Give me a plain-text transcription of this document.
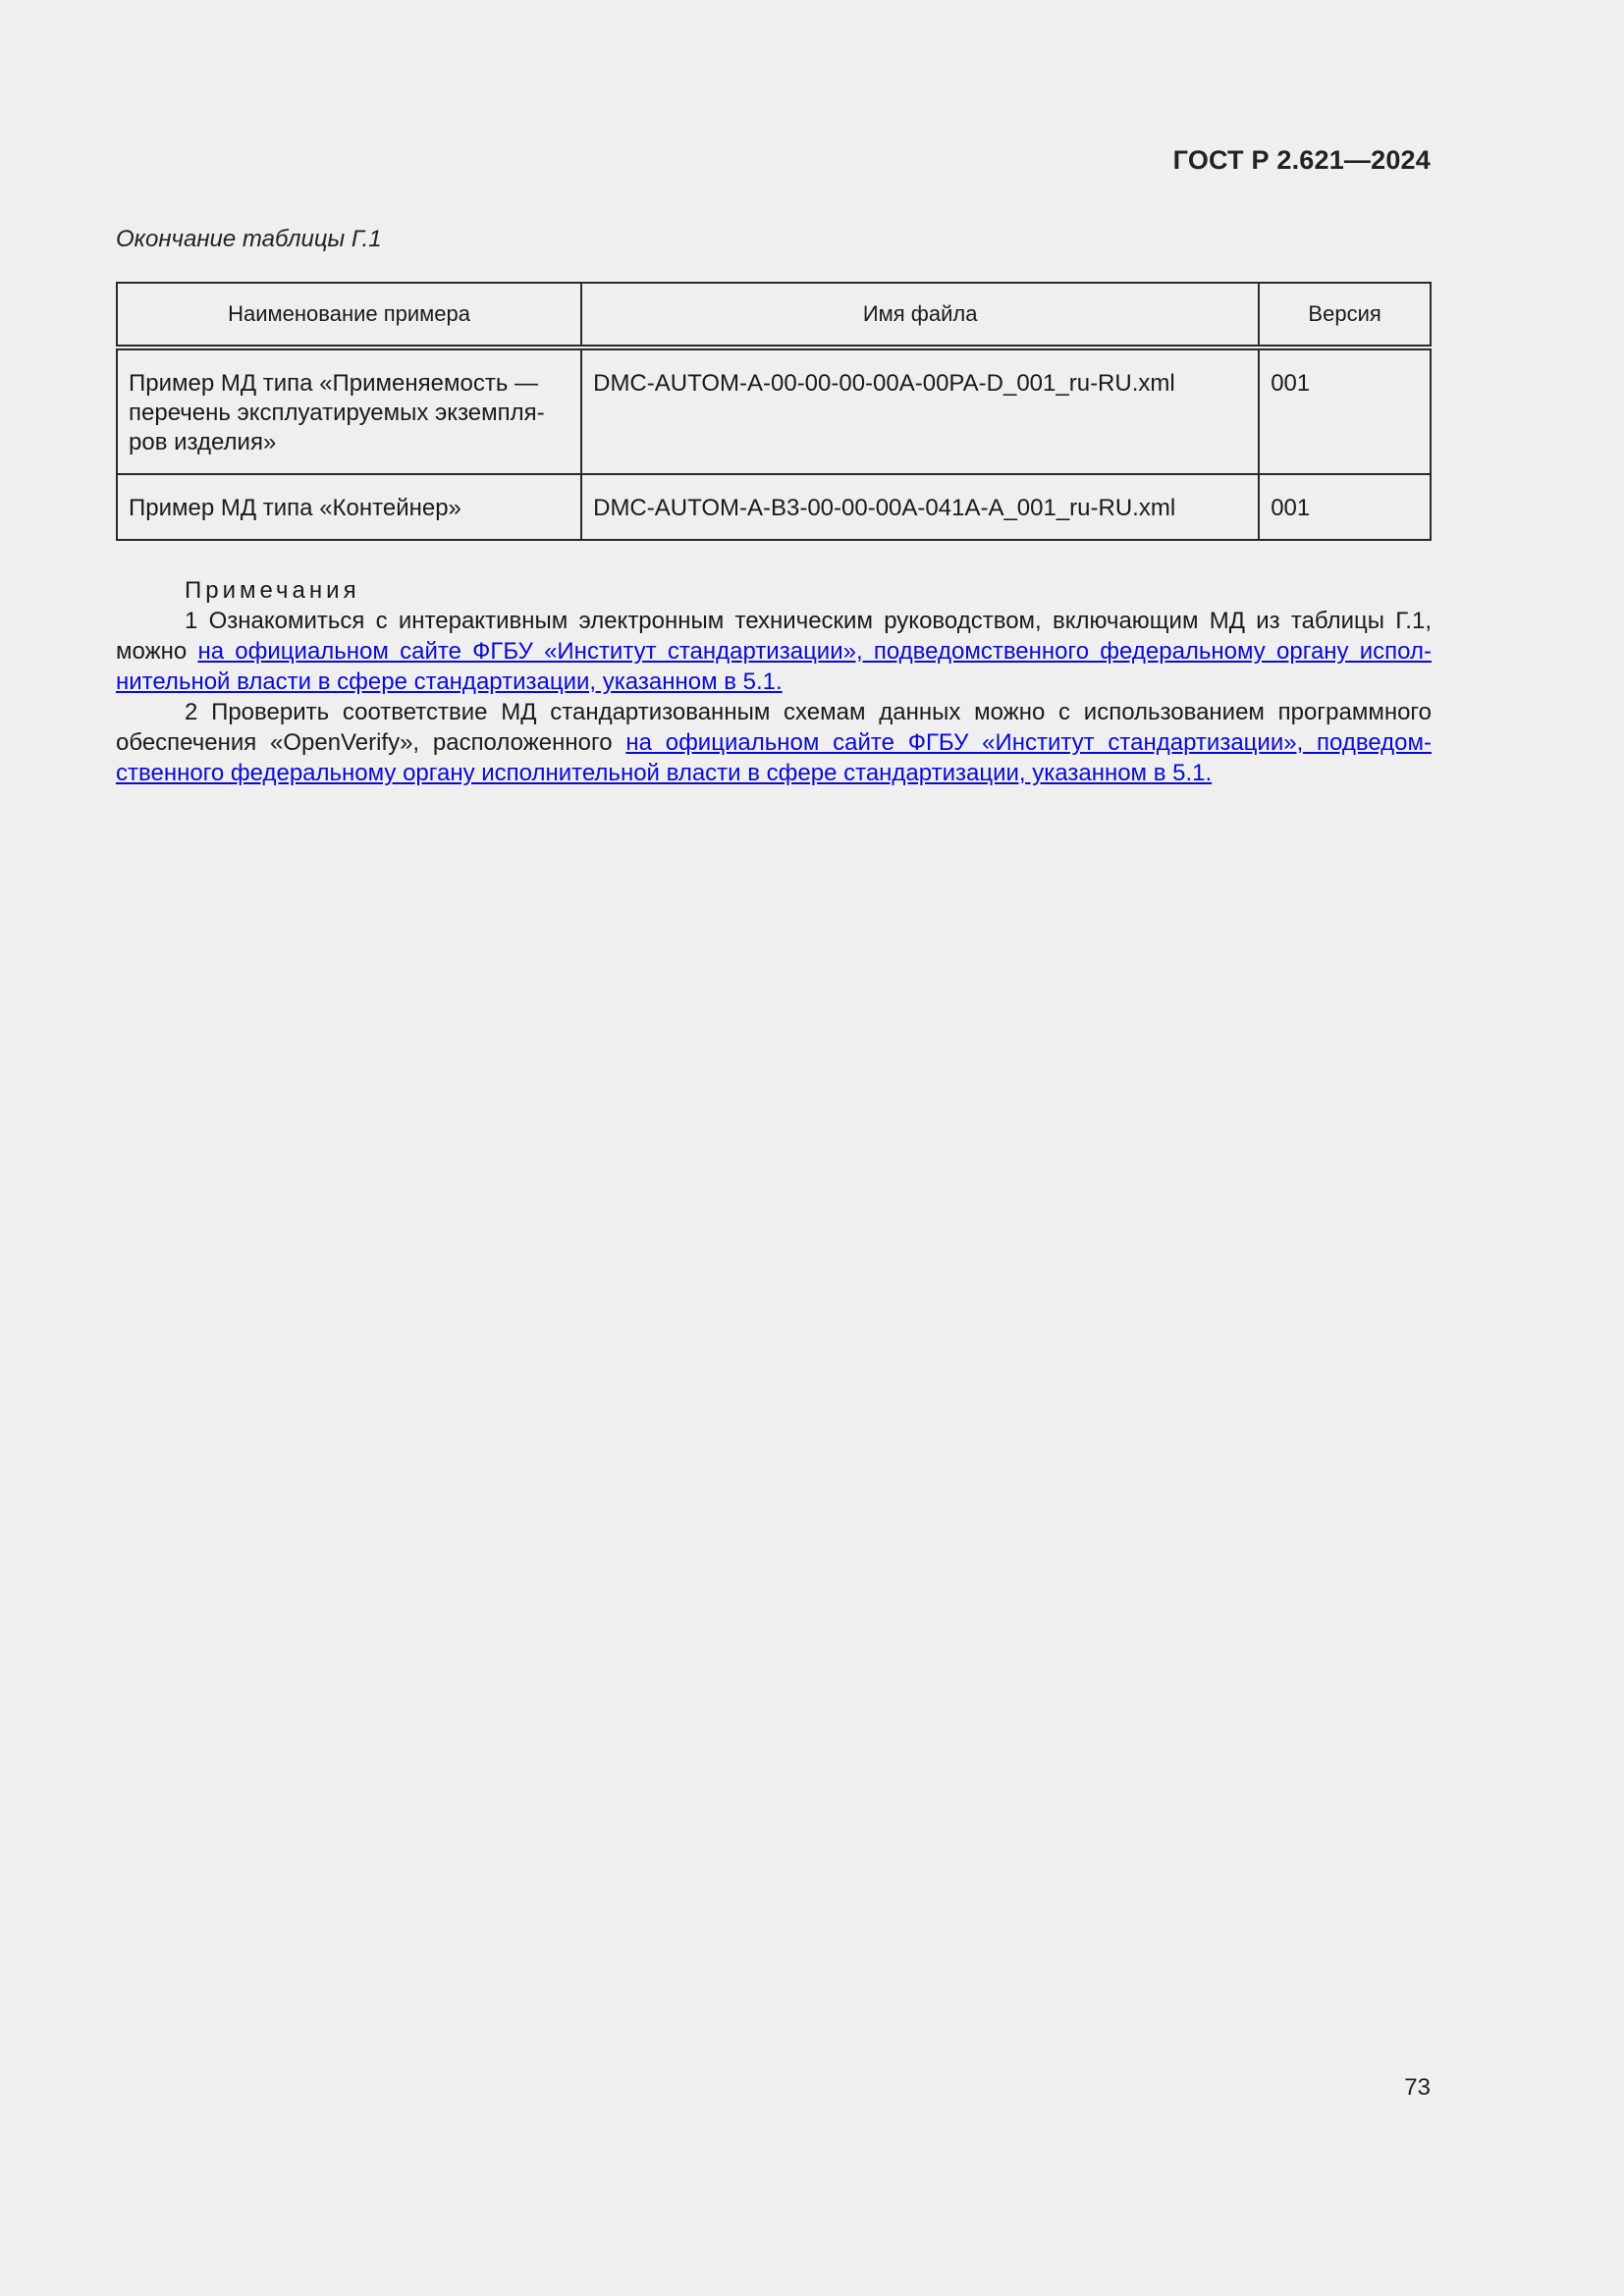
ГОСТ Р 2.621—2024
Окончание таблицы Г.1
Наименование примера	Имя файла	Версия
Пример МД типа «Применяемость — перечень эксплуатируемых экземпляров изделия»	DMC-AUTOM-A-00-00-00-00A-00PA-D_001_ru-RU.xml	001
Пример МД типа «Контейнер»	DMC-AUTOM-A-B3-00-00-00A-041A-A_001_ru-RU.xml	001
Примечания

1 Ознакомиться с интерактивным электронным техническим руководством, включающим МД из таблицы Г.1, можно на официальном сайте ФГБУ «Институт стандартизации», подведомственного федеральному органу исполнительной власти в сфере стандартизации, указанном в 5.1.

2 Проверить соответствие МД стандартизованным схемам данных можно с использованием программного обеспечения «OpenVerify», расположенного на официальном сайте ФГБУ «Институт стандартизации», подведомственного федеральному органу исполнительной власти в сфере стандартизации, указанном в 5.1.

73
